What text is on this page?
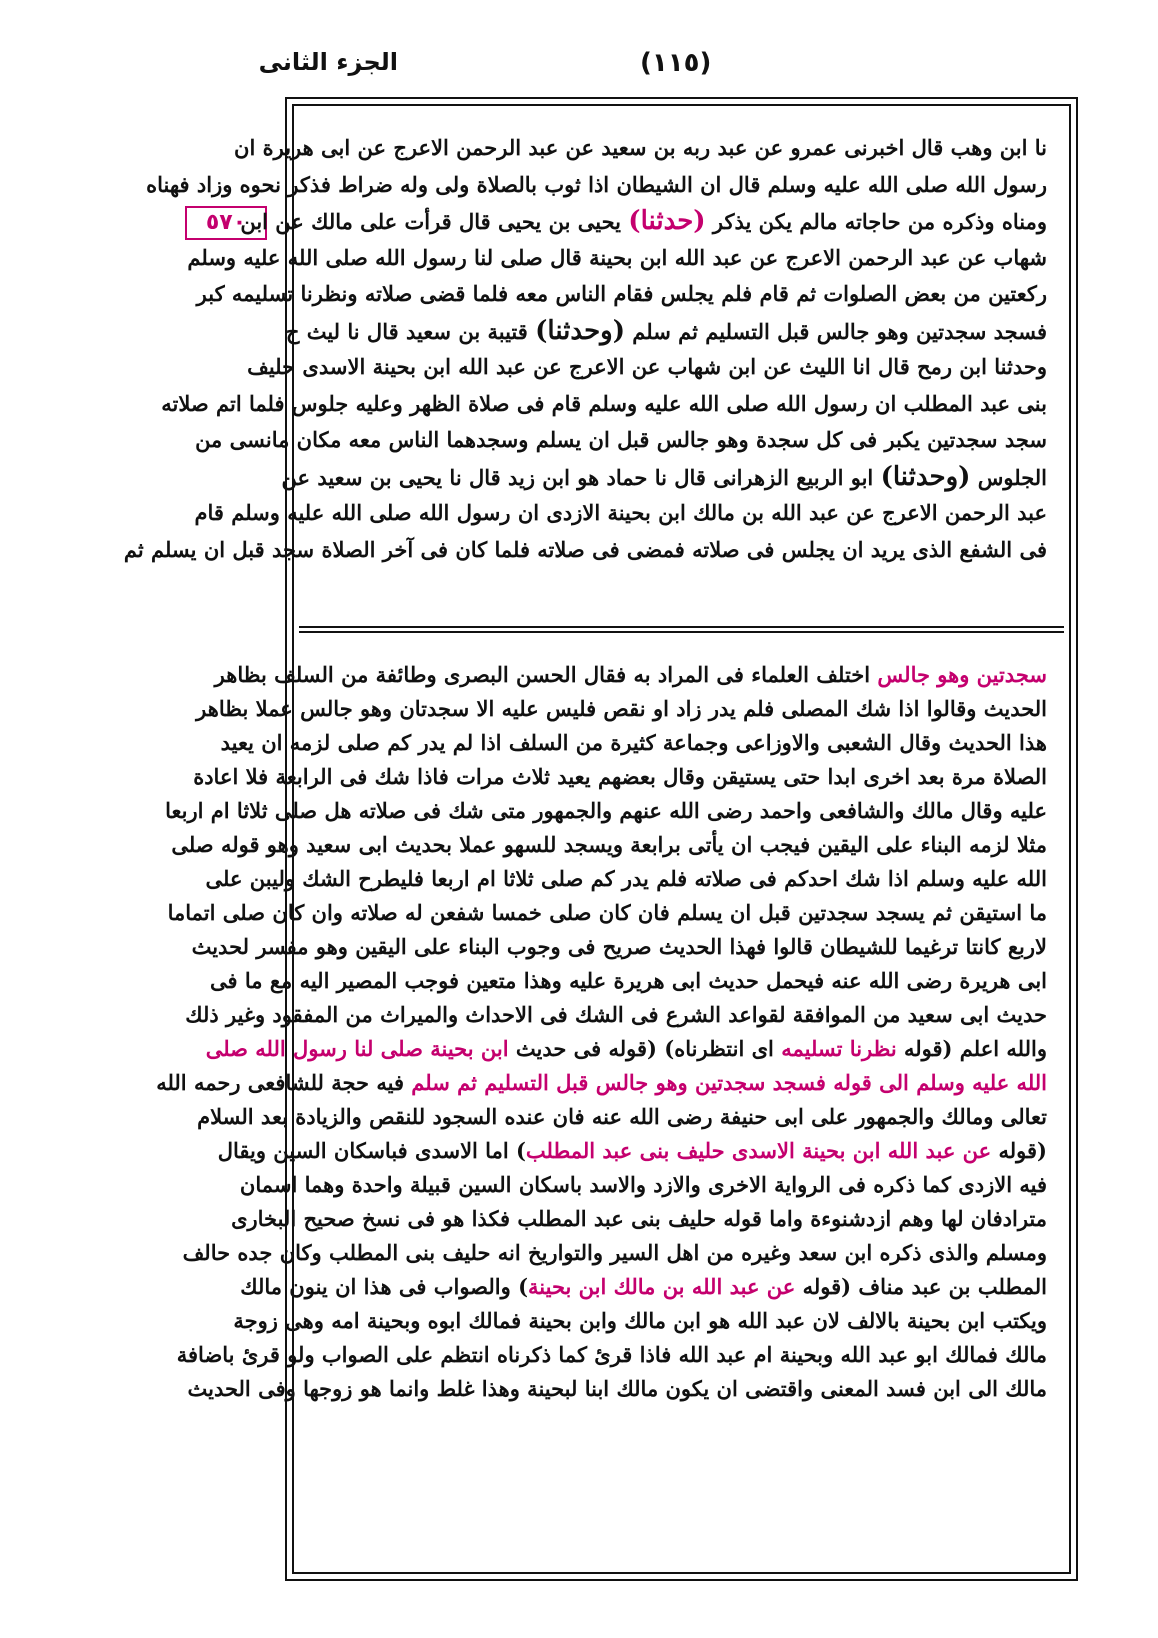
الجزء الثانى	(١١٥)
٥٧٠
نا ابن وهب قال اخبرنى عمرو عن عبد ربه بن سعيد عن عبد الرحمن الاعرج عن ابى هريرة ان
رسول الله صلى الله عليه وسلم قال ان الشيطان اذا ثوب بالصلاة ولى وله ضراط فذكر نحوه وزاد فهناه
ومناه وذكره من حاجاته مالم يكن يذكر (حدثنا) يحيى بن يحيى قال قرأت على مالك عن ابن
شهاب عن عبد الرحمن الاعرج عن عبد الله ابن بحينة قال صلى لنا رسول الله صلى الله عليه وسلم
ركعتين من بعض الصلوات ثم قام فلم يجلس فقام الناس معه فلما قضى صلاته ونظرنا تسليمه كبر
فسجد سجدتين وهو جالس قبل التسليم ثم سلم (وحدثنا) قتيبة بن سعيد قال نا ليث ح
وحدثنا ابن رمح قال انا الليث عن ابن شهاب عن الاعرج عن عبد الله ابن بحينة الاسدى حليف
بنى عبد المطلب ان رسول الله صلى الله عليه وسلم قام فى صلاة الظهر وعليه جلوس فلما اتم صلاته
سجد سجدتين يكبر فى كل سجدة وهو جالس قبل ان يسلم وسجدهما الناس معه مكان مانسى من
الجلوس (وحدثنا) ابو الربيع الزهرانى قال نا حماد هو ابن زيد قال نا يحيى بن سعيد عن
عبد الرحمن الاعرج عن عبد الله بن مالك ابن بحينة الازدى ان رسول الله صلى الله عليه وسلم قام
فى الشفع الذى يريد ان يجلس فى صلاته فمضى فى صلاته فلما كان فى آخر الصلاة سجد قبل ان يسلم ثم
سجدتين وهو جالس اختلف العلماء فى المراد به فقال الحسن البصرى وطائفة من السلف بظاهر
الحديث وقالوا اذا شك المصلى فلم يدر زاد او نقص فليس عليه الا سجدتان وهو جالس عملا بظاهر
هذا الحديث وقال الشعبى والاوزاعى وجماعة كثيرة من السلف اذا لم يدر كم صلى لزمه ان يعيد
الصلاة مرة بعد اخرى ابدا حتى يستيقن وقال بعضهم يعيد ثلاث مرات فاذا شك فى الرابعة فلا اعادة
عليه وقال مالك والشافعى واحمد رضى الله عنهم والجمهور متى شك فى صلاته هل صلى ثلاثا ام اربعا
مثلا لزمه البناء على اليقين فيجب ان يأتى برابعة ويسجد للسهو عملا بحديث ابى سعيد وهو قوله صلى
الله عليه وسلم اذا شك احدكم فى صلاته فلم يدر كم صلى ثلاثا ام اربعا فليطرح الشك وليبن على
ما استيقن ثم يسجد سجدتين قبل ان يسلم فان كان صلى خمسا شفعن له صلاته وان كان صلى اتماما
لاربع كانتا ترغيما للشيطان قالوا فهذا الحديث صريح فى وجوب البناء على اليقين وهو مفسر لحديث
ابى هريرة رضى الله عنه فيحمل حديث ابى هريرة عليه وهذا متعين فوجب المصير اليه مع ما فى
حديث ابى سعيد من الموافقة لقواعد الشرع فى الشك فى الاحداث والميراث من المفقود وغير ذلك
والله اعلم (قوله نظرنا تسليمه اى انتظرناه) (قوله فى حديث ابن بحينة صلى لنا رسول الله صلى
الله عليه وسلم الى قوله فسجد سجدتين وهو جالس قبل التسليم ثم سلم فيه حجة للشافعى رحمه الله
تعالى ومالك والجمهور على ابى حنيفة رضى الله عنه فان عنده السجود للنقص والزيادة بعد السلام
(قوله عن عبد الله ابن بحينة الاسدى حليف بنى عبد المطلب) اما الاسدى فباسكان السين ويقال
فيه الازدى كما ذكره فى الرواية الاخرى والازد والاسد باسكان السين قبيلة واحدة وهما اسمان
مترادفان لها وهم ازدشنوءة واما قوله حليف بنى عبد المطلب فكذا هو فى نسخ صحيح البخارى
ومسلم والذى ذكره ابن سعد وغيره من اهل السير والتواريخ انه حليف بنى المطلب وكان جده حالف
المطلب بن عبد مناف (قوله عن عبد الله بن مالك ابن بحينة) والصواب فى هذا ان ينون مالك
ويكتب ابن بحينة بالالف لان عبد الله هو ابن مالك وابن بحينة فمالك ابوه وبحينة امه وهى زوجة
مالك فمالك ابو عبد الله وبحينة ام عبد الله فاذا قرئ كما ذكرناه انتظم على الصواب ولو قرئ باضافة
مالك الى ابن فسد المعنى واقتضى ان يكون مالك ابنا لبحينة وهذا غلط وانما هو زوجها وفى الحديث
